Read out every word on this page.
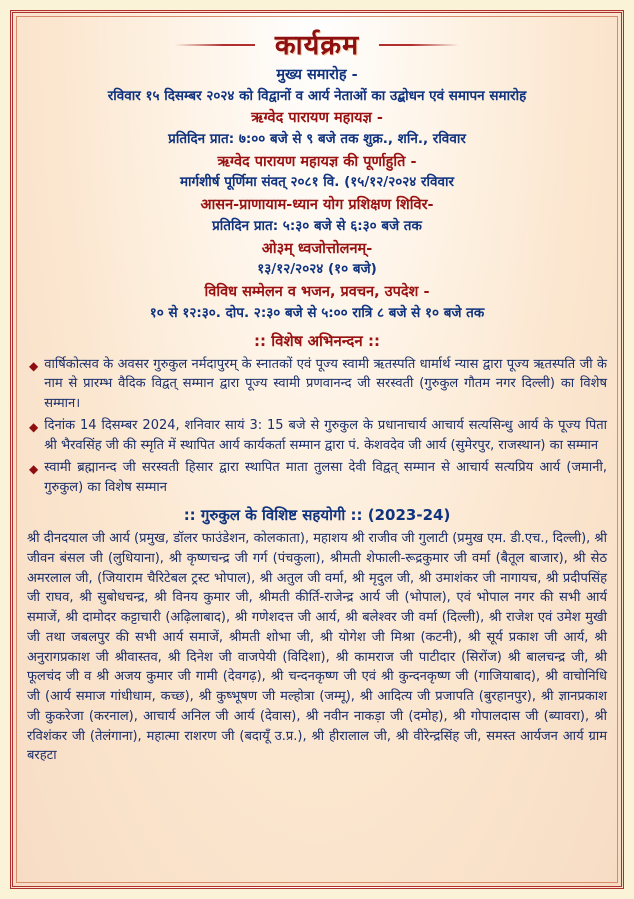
कार्यक्रम
मुख्य समारोह -
रविवार १५ दिसम्बर २०२४ को विद्वानों व आर्य नेताओं का उद्बोधन एवं समापन समारोह
ऋग्वेद पारायण महायज्ञ -
प्रतिदिन प्रात: ७:०० बजे से ९ बजे तक शुक्र., शनि., रविवार
ऋग्वेद पारायण महायज्ञ की पूर्णाहुति -
मार्गशीर्ष पूर्णिमा संवत् २०८१ वि. (१५/१२/२०२४ रविवार
आसन-प्राणायाम-ध्यान योग प्रशिक्षण शिविर-
प्रतिदिन प्रात: ५:३० बजे से ६:३० बजे तक
ओ३म् ध्वजोत्तोलनम्-
१३/१२/२०२४ (१० बजे)
विविध सम्मेलन व भजन, प्रवचन, उपदेश -
१० से १२:३०. दोप. २:३० बजे से ५:०० रात्रि ८ बजे से १० बजे तक
:: विशेष अभिनन्दन ::
◆ वार्षिकोत्सव के अवसर गुरुकुल नर्मदापुरम् के स्नातकों एवं पूज्य स्वामी ऋतस्पति धार्मार्थ न्यास द्वारा पूज्य ऋतस्पति जी के नाम से प्रारम्भ वैदिक विद्वत् सम्मान द्वारा पूज्य स्वामी प्रणवानन्द जी सरस्वती (गुरुकुल गौतम नगर दिल्ली) का विशेष सम्मान।
◆ दिनांक 14 दिसम्बर 2024, शनिवार सायं 3: 15 बजे से गुरुकुल के प्रधानाचार्य आचार्य सत्यसिन्धु आर्य के पूज्य पिता श्री भैरवसिंह जी की स्मृति में स्थापित आर्य कार्यकर्ता सम्मान द्वारा पं. केशवदेव जी आर्य (सुमेरपुर, राजस्थान) का सम्मान
◆ स्वामी ब्रह्मानन्द जी सरस्वती हिसार द्वारा स्थापित माता तुलसा देवी विद्वत् सम्मान से आचार्य सत्यप्रिय आर्य (जमानी, गुरुकुल) का विशेष सम्मान
:: गुरुकुल के विशिष्ट सहयोगी :: (2023-24)
श्री दीनदयाल जी आर्य (प्रमुख, डॉलर फाउंडेशन, कोलकाता), महाशय श्री राजीव जी गुलाटी (प्रमुख एम. डी.एच., दिल्ली), श्री जीवन बंसल जी (लुधियाना), श्री कृष्णचन्द्र जी गर्ग (पंचकुला), श्रीमती शेफाली-रूद्रकुमार जी वर्मा (बैतूल बाजार), श्री सेठ अमरलाल जी, (जियाराम चैरिटेबल ट्रस्ट भोपाल), श्री अतुल जी वर्मा, श्री मृदुल जी, श्री उमाशंकर जी नागायच, श्री प्रदीपसिंह जी राघव, श्री सुबोधचन्द्र, श्री विनय कुमार जी, श्रीमती कीर्ति-राजेन्द्र आर्य जी (भोपाल), एवं भोपाल नगर की सभी आर्य समाजें, श्री दामोदर कट्टाचारी (अढ़िलाबाद), श्री गणेशदत्त जी आर्य, श्री बलेश्वर जी वर्मा (दिल्ली), श्री राजेश एवं उमेश मुखी जी तथा जबलपुर की सभी आर्य समाजें, श्रीमती शोभा जी, श्री योगेश जी मिश्रा (कटनी), श्री सूर्य प्रकाश जी आर्य, श्री अनुरागप्रकाश जी श्रीवास्तव, श्री दिनेश जी वाजपेयी (विदिशा), श्री कामराज जी पाटीदार (सिरोंज) श्री बालचन्द्र जी, श्री फूलचंद जी व श्री अजय कुमार जी गामी (देवगढ़), श्री चन्दनकृष्ण जी एवं श्री कुन्दनकृष्ण जी (गाजियाबाद), श्री वाचोनिधि जी (आर्य समाज गांधीधाम, कच्छ), श्री कुष्भूषण जी मल्होत्रा (जम्मू), श्री आदित्य जी प्रजापति (बुरहानपुर), श्री ज्ञानप्रकाश जी कुकरेजा (करनाल), आचार्य अनिल जी आर्य (देवास), श्री नवीन नाकड़ा जी (दमोह), श्री गोपालदास जी (ब्यावरा), श्री रविशंकर जी (तेलंगाना), महात्मा राशरण जी (बदायूँ उ.प्र.), श्री हीरालाल जी, श्री वीरेन्द्रसिंह जी, समस्त आर्यजन आर्य ग्राम बरहटा
